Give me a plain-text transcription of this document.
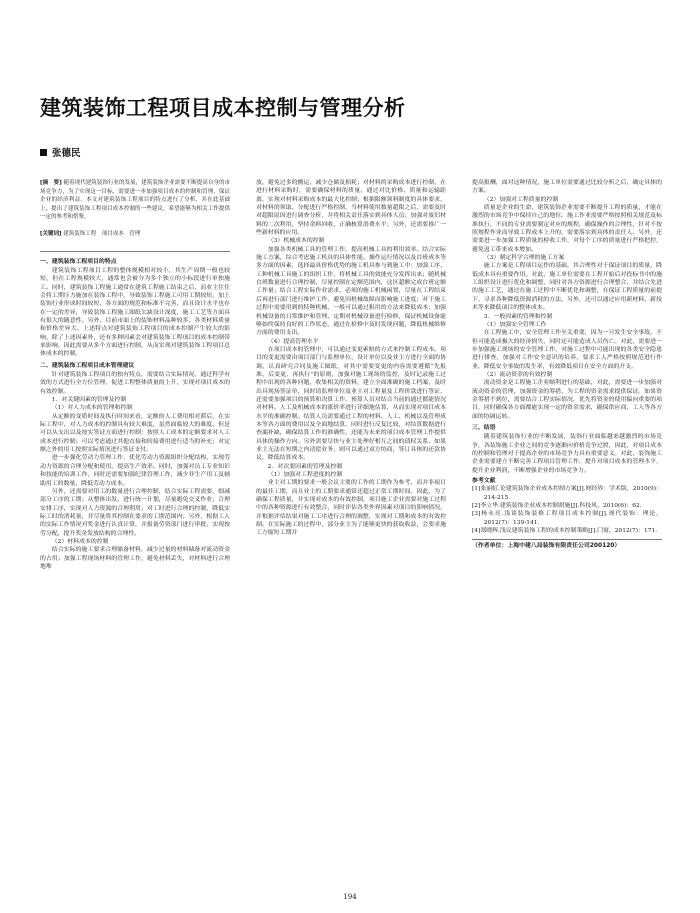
建筑装饰工程项目成本控制与管理分析
张德民
[摘　要] 随着现代建筑装饰行业的发展，建筑装饰企业需要不断提高自身的市场竞争力，为了实现这一目标，需要进一步加强项目成本的控制和管理，保证企业的经济利益。本文对建筑装饰工程项目的特点进行了分析，并在此基础上，提出了建筑装饰工程项目成本控制的一些建议，希望能够为相关工作提供一定的参考和借鉴。
[关键词] 建筑装饰工程　项目成本　管理
一、建筑装饰工程项目的特点

建筑装饰工程项目工程的整体规模相对较小，其生产周期一般也较短，但在工程规模较大，通常也会被分为多个独立的小标段进行单独施工。同时，建筑装饰工程施工通常在建筑工程施工结束之后，而业主往往会将工期压力施加在装饰工程中，导致装饰工程施工可用工期较短。加上装饰行业形成时间较短，各方面的规范和标准不完善，而且设计水平也存在一定的差异，导致装饰工程施工图纸欠缺设计深度，施工工艺等方面具有很大的随意性。另外，目前市面上的装饰材料品种较多，各类材料质量和价格差异大。上述特点对建筑装饰工程项目的成本控制产生较大的影响，除了上述因素外，还有多种因素会对建筑装饰工程项目的成本控制带来影响。因此需要从多个方面进行控制，从而实现对建筑装饰工程项目总体成本的控制。

二、建筑装饰工程项目成本管理建议

针对建筑装饰工程项目的独有特点，需要结合实际情况，通过科学有效的方式进行全方位管理，促进工程整体质量的上升，实现对项目成本的有效控制。

1．对关键因素的管理及控制

（1）对人力成本的管理和控制

从定额的变质时间及执行时间来看，定额的人工费用相对滞后，在实际工程中，对人力成本的控制具有较大难度，虽然面临较大的难度，但是可以从支出以及按实签证方面进行控制：按照人工成本的定额要求对人工成本进行控制；可以考虑通过其他直接和间接费用进行适当的补充；对定额之外的用工按照实际情况进行签证支付。

进一步强化劳动力管理工作，优化劳动力资源组织分配结构，实现劳动力资源的合理分配和使用，提高生产效率。同时，加强对员工专业知识和技能的培训工作，同时还需要加强纪律管理工作，减少非生产用工及辅助用工的数量，降低劳动力成本。

另外，还需要对用工的数量进行合理控制，结合实际工程需要，细减部分工序的工期；从整体出发，进行统一计划，尽量避免交叉作业；合理安排工序，实现对人力资源的合理利用；对工时进行合理的控制，降低实际工时的消耗量，并尽量将其控制在要求的工期范围内；另外，根据工人的实际工作情况对奖金进行认真计算，并报备劳资部门进行审批，实现按劳分配，提升奖金发放结构的合理性。

（2）材料成本的控制

结合实际的施工要求合理储备材料，减少过量的材料储备对流动资金的占用；加强工程现场材料的管理工作，避免材料丢失，对材料进行合理地堆

放，避免过多的搬运，减少仓储及损耗；对材料的采购成本进行控制，在进行材料采购时，需要确保材料的质量，通过对比价格、质量和运输距离，实现对材料采购成本的最大化控制；根据限额领料制度的具体要求，对材料的领取、分配进行严格控制，当材料使用数量超限之后，需要及时对超限原因进行调查分析，并将相关责任落实到具体人员；加强对废旧材料的二次利用，坚持余料回收，正确核算消费水平；另外，还需要推广一些新材料的应用。

（3）机械成本的控制

加强各类机械工具的管理工作，提高机械工具的利用效率。结合实际施工方案，综合考虑施工机具的具体性能、操作运行情况以及台班成本等多方面的因素，选择最具价格优势的施工机具参与到施工中：加强工序、工种机械工具施工的组织工作，将机械工具的效能充分发挥出来；随机械台班数量进行合理控制，尽量控制在定额范围内，这区超额完成台班定额工作量；结合工程实际作业需求，必须的施工机械闲置，尽量在工程结束后再进行部门进行维护工作，避免因机械故障而影响施工进度；对于施工过程中需要用到的特种机械，一般可以通过租用的方法来降低成本；加强机械设备的日常维护和管理，定期对机械设备进行检修，保证机械设备能够始终保持良好的工作状态，通过在检修中及时发现问题，降低机械维修方面的费用支出。

（4）提高管理水平

在项目成本的管理中，可以通过变更索赔的方式来控制工程成本。项目的变更需要由项目部门与监理单位、设计单位以及业主方进行全面的协调，认真研究合同及施工图纸，对其中需要变更的内容需要遵循“先报准、后变更、再执行”的原则，加强对施工现场的监控，及时记录施工过程中出现的各种问题，收集相关的资料，建立全面准确的施工档案，及时出具现场签证单，同时请监理单位及业主对工程量及工程价款进行签证，还需要加强项目的预算和决算工作，预算人员对结合当前的通过都能情况对材料、人工及机械成本的涨价率进行详细地估算，从而实现对项目成本水平的准确控制。结算人员需要通过工程的材料、人工、机械以及管理成本等各方面的费用以及全面地结算，同时进行反复比较，对结算数据进行查漏补缺，确保结算工作的准确性，还能为未来的项目成本管理工作提供具体的操作方向。另外需要尽快与业主处理好相互之间的债权关系，如果业主无法在短期之内清偿业务，则可以通过双方协商，签订具体的还款协议，降低结算成本。

2．对次要因素的管理及控制

（1）加强对工程进度的控制

业主对工期的要求一般会议主要的工作的工期作为参考，而并非项目的最佳工期，而且业主的工期要求通常还超过正常工期时间。因此，为了确保工程质量，并实现对成本的有效控制，项目施工企业需要对施工过程中的各种资源进行有效整合，同时评估各类外界因素对项目的影响情况，并根据评估结果对施工工序进行合理的调整，实现对工期和成本的有效控制。在实际施工的过程中，部分业主为了能够更快的获取收益，会要求施工方缩短工期并

提高报酬，面对这种情况，施工单位需要通过比较分析之后，确定具体的方案。

（2）加强对工程质量的控制

质量是企业的生命，建筑装饰企业需要不断提升工程的质量，才能在激烈的市场竞争中保持自己的地位。施工作业需要严格按照相关规范及标准执行，不同的专业需要制定对应的规程，确保操作的合理性，针对不按照规程作业而导致工程成本上升的，需要落实到具体的责任人。另外，还需要进一步加强工程质量的检收工作，对每个工序的质量进行严格把控，避免返工带来成本增加。

（3）制定科学合理的施工方案

施工方案是工程项目运作的基础，其合理性对于保证项目的质量，降低成本具有重要作用。对此，施工单位需要在工程开始后对投标书中的施工组织设计进行优化和调整，同时对各方资源进行合理整合，并结合先进的施工工艺，通过在施工过程中不断优化和调整，在保证工程质量的前提下，寻求各种降低资源消耗的方法，另外，还可以通过应用新材料、新技术等来降低项目的整体成本。

3．一般因素的管理和控制

（1）加强安全管理工作

在工程施工中，安全管理工作至关重要，因为一旦发生安全事故，不但可能造成极大的经济损失，同时还可能造成人员伤亡。对此，需要进一步加强施工现场的安全管理工作，对施工过程中可能出现的各类安全隐患进行排查，加强对工作安全意识的培养，要求工人严格按照规范进行作业，降低安全事故的发生率，有效降低项目在安全方面的开支。

（2）流动资金的有效控制

流动资金是工程施工企业顺利进行的基础，对此，需要进一步加强对流动资金的管理，加强资金的筹措，为工程的资金需求提供保证。如果资金筹措不到位，需要结合工程实际情况，优先将资金的使用偏向重要的项目，同时确保各方面都能实现一定的资金需求，确保供应商、工人等各方面的协调运转。

三、结语

随着建筑装饰行业的不断发展，装饰行业面临越来越激烈的市场竞争，各装饰施工企业之间的竞争逐渐向价格竞争过渡，因此，对项目成本的控制和管理对于提高企业的市场竞争力具有重要意义。对此，装饰施工企业需要建立不断完善工程项目管理工作，提升对项目成本的管理水平，提升企业利润，不断增强企业的市场竞争力。

参考文献

[1]张丽虹.论建筑装饰企业成本控制方案[J].财经界：学术版，2010(9)：214-215.

[2]李立华.建筑装饰企业成本控制措施[J].科技风，2010(6)：62.

[3]杨永亮.浅谈装饰装修工程项目成本控制[J].现代装饰：理论，2012(7)：139-141.

[4]郑晓辉.浅议建筑装饰工程的成本控制策略[J].门窗，2012(7)：171.

（作者单位：上海中建八局装饰有限责任公司200120）
194
